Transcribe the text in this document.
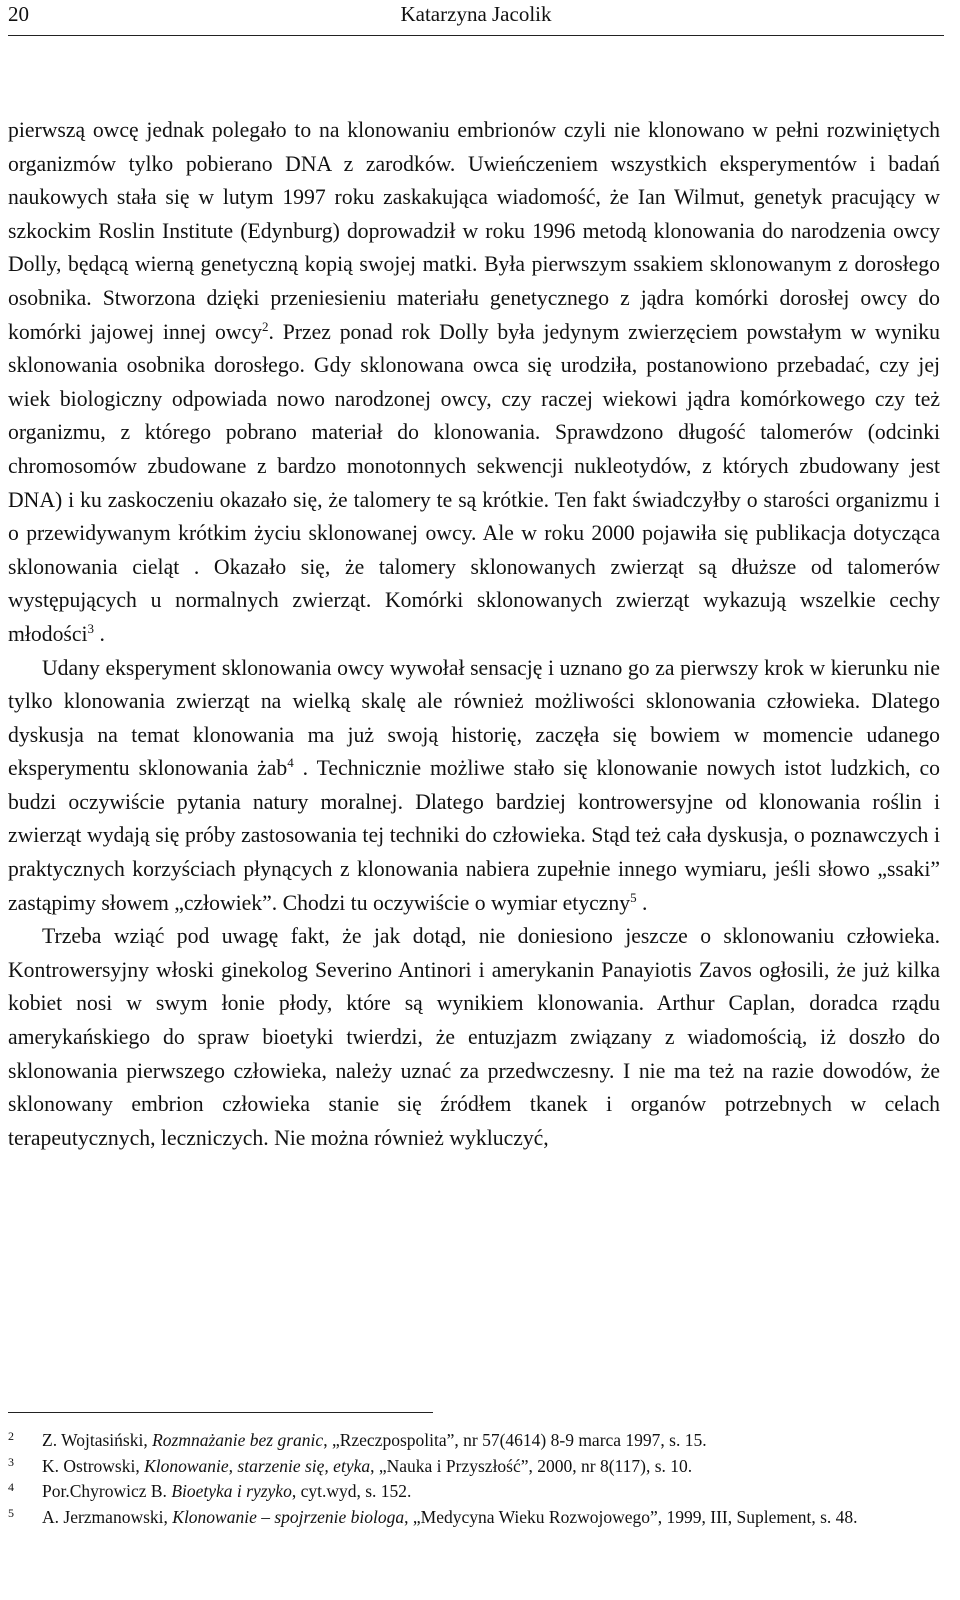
20	Katarzyna Jacolik

pierwszą owcę jednak polegało to na klonowaniu embrionów czyli nie klonowano w pełni rozwiniętych organizmów tylko pobierano DNA z zarodków. Uwieńczeniem wszystkich eksperymentów i badań naukowych stała się w lutym 1997 roku zaskakująca wiadomość, że Ian Wilmut, genetyk pracujący w szkockim Roslin Institute (Edynburg) doprowadził w roku 1996 metodą klonowania do narodzenia owcy Dolly, będącą wierną genetyczną kopią swojej matki. Była pierwszym ssakiem sklonowanym z dorosłego osobnika. Stworzona dzięki przeniesieniu materiału genetycznego z jądra komórki dorosłej owcy do komórki jajowej innej owcy$^2$. Przez ponad rok Dolly była jedynym zwierzęciem powstałym w wyniku sklonowania osobnika dorosłego. Gdy sklonowana owca się urodziła, postanowiono przebadać, czy jej wiek biologiczny odpowiada nowo narodzonej owcy, czy raczej wiekowi jądra komórkowego czy też organizmu, z którego pobrano materiał do klonowania. Sprawdzono długość talomerów (odcinki chromosomów zbudowane z bardzo monotonnych sekwencji nukleotydów, z których zbudowany jest DNA) i ku zaskoczeniu okazało się, że talomery te są krótkie. Ten fakt świadczyłby o starości organizmu i o przewidywanym krótkim życiu sklonowanej owcy. Ale w roku 2000 pojawiła się publikacja dotycząca sklonowania cieląt . Okazało się, że talomery sklonowanych zwierząt są dłuższe od talomerów występujących u normalnych zwierząt. Komórki sklonowanych zwierząt wykazują wszelkie cechy młodości$^3$ .

Udany eksperyment sklonowania owcy wywołał sensację i uznano go za pierwszy krok w kierunku nie tylko klonowania zwierząt na wielką skalę ale również możliwości sklonowania człowieka. Dlatego dyskusja na temat klonowania ma już swoją historię, zaczęła się bowiem w momencie udanego eksperymentu sklonowania żab$^4$ . Technicznie możliwe stało się klonowanie nowych istot ludzkich, co budzi oczywiście pytania natury moralnej. Dlatego bardziej kontrowersyjne od klonowania roślin i zwierząt wydają się próby zastosowania tej techniki do człowieka. Stąd też cała dyskusja, o poznawczych i praktycznych korzyściach płynących z klonowania nabiera zupełnie innego wymiaru, jeśli słowo „ssaki” zastąpimy słowem „człowiek”. Chodzi tu oczywiście o wymiar etyczny$^5$ .

Trzeba wziąć pod uwagę fakt, że jak dotąd, nie doniesiono jeszcze o sklonowaniu człowieka. Kontrowersyjny włoski ginekolog Severino Antinori i amerykanin Panayiotis Zavos ogłosili, że już kilka kobiet nosi w swym łonie płody, które są wynikiem klonowania. Arthur Caplan, doradca rządu amerykańskiego do spraw bioetyki twierdzi, że entuzjazm związany z wiadomością, iż doszło do sklonowania pierwszego człowieka, należy uznać za przedwczesny. I nie ma też na razie dowodów, że sklonowany embrion człowieka stanie się źródłem tkanek i organów potrzebnych w celach terapeutycznych, leczniczych. Nie można również wykluczyć,

2 Z. Wojtasiński, Rozmnażanie bez granic, „Rzeczpospolita”, nr 57(4614) 8-9 marca 1997, s. 15.
3 K. Ostrowski, Klonowanie, starzenie się, etyka, „Nauka i Przyszłość”, 2000, nr 8(117), s. 10.
4 Por.Chyrowicz B. Bioetyka i ryzyko, cyt.wyd, s. 152.
5 A. Jerzmanowski, Klonowanie – spojrzenie biologa, „Medycyna Wieku Rozwojowego”, 1999, III, Suplement, s. 48.
